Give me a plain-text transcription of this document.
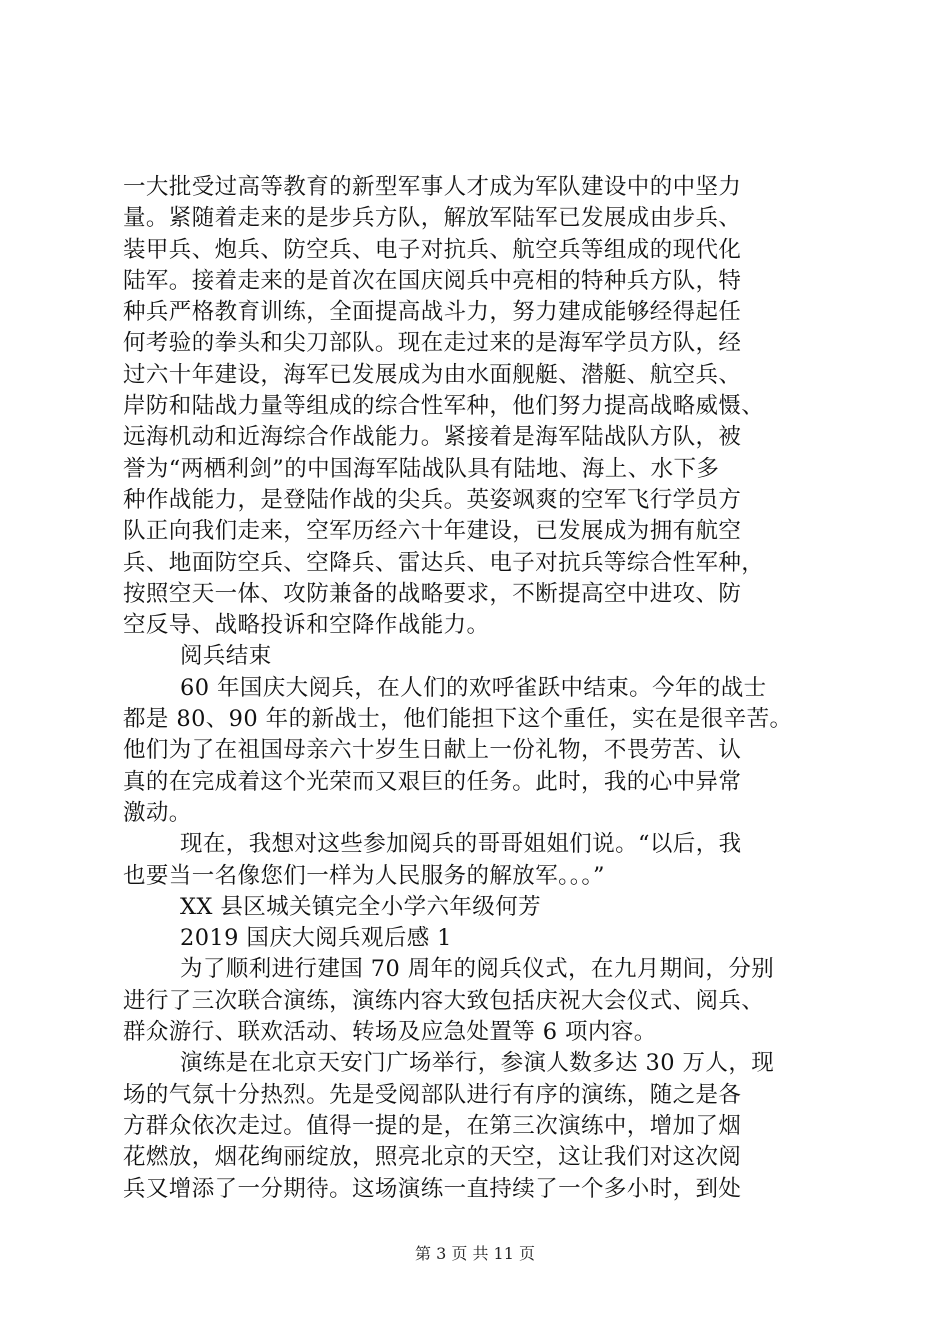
一大批受过高等教育的新型军事人才成为军队建设中的中坚力
量。紧随着走来的是步兵方队，解放军陆军已发展成由步兵、
装甲兵、炮兵、防空兵、电子对抗兵、航空兵等组成的现代化
陆军。接着走来的是首次在国庆阅兵中亮相的特种兵方队，特
种兵严格教育训练，全面提高战斗力，努力建成能够经得起任
何考验的拳头和尖刀部队。现在走过来的是海军学员方队，经
过六十年建设，海军已发展成为由水面舰艇、潜艇、航空兵、
岸防和陆战力量等组成的综合性军种，他们努力提高战略威慑、
远海机动和近海综合作战能力。紧接着是海军陆战队方队，被
誉为“两栖利剑”的中国海军陆战队具有陆地、海上、水下多
种作战能力，是登陆作战的尖兵。英姿飒爽的空军飞行学员方
队正向我们走来，空军历经六十年建设，已发展成为拥有航空
兵、地面防空兵、空降兵、雷达兵、电子对抗兵等综合性军种，
按照空天一体、攻防兼备的战略要求，不断提高空中进攻、防
空反导、战略投诉和空降作战能力。
阅兵结束
60 年国庆大阅兵，在人们的欢呼雀跃中结束。今年的战士
都是 80、90 年的新战士，他们能担下这个重任，实在是很辛苦。
他们为了在祖国母亲六十岁生日献上一份礼物，不畏劳苦、认
真的在完成着这个光荣而又艰巨的任务。此时，我的心中异常
激动。
现在，我想对这些参加阅兵的哥哥姐姐们说。“以后，我
也要当一名像您们一样为人民服务的解放军。。。”
XX 县区城关镇完全小学六年级何芳
2019 国庆大阅兵观后感 1
为了顺利进行建国 70 周年的阅兵仪式，在九月期间，分别
进行了三次联合演练，演练内容大致包括庆祝大会仪式、阅兵、
群众游行、联欢活动、转场及应急处置等 6 项内容。
演练是在北京天安门广场举行，参演人数多达 30 万人，现
场的气氛十分热烈。先是受阅部队进行有序的演练，随之是各
方群众依次走过。值得一提的是，在第三次演练中，增加了烟
花燃放，烟花绚丽绽放，照亮北京的天空，这让我们对这次阅
兵又增添了一分期待。这场演练一直持续了一个多小时，到处
第 3 页 共 11 页
